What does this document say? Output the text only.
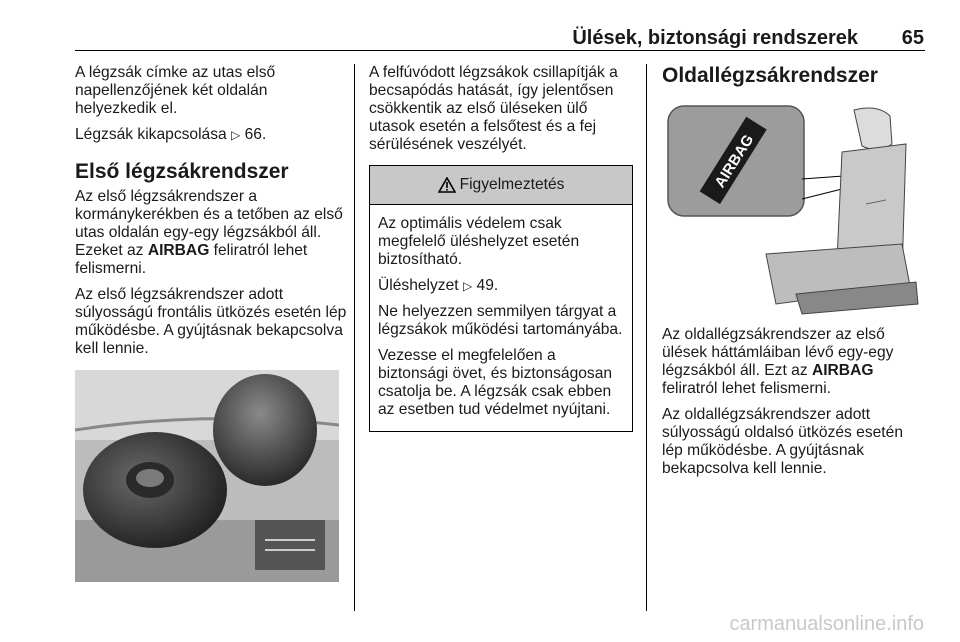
Ülések, biztonsági rendszerek 65

A légzsák címke az utas első napellenzőjének két oldalán helyezkedik el.

Légzsák kikapcsolása ▷ 66.

Első légzsákrendszer

Az első légzsákrendszer a kormánykerékben és a tetőben az első utas oldalán egy-egy légzsákból áll. Ezeket az AIRBAG feliratról lehet felismerni.

Az első légzsákrendszer adott súlyosságú frontális ütközés esetén lép működésbe. A gyújtásnak bekapcsolva kell lennie.

A felfúvódott légzsákok csillapítják a becsapódás hatását, így jelentősen csökkentik az első üléseken ülő utasok esetén a felsőtest és a fej sérülésének veszélyét.

Figyelmeztetés

Az optimális védelem csak megfelelő üléshelyzet esetén biztosítható.

Üléshelyzet ▷ 49.

Ne helyezzen semmilyen tárgyat a légzsákok működési tartományába.

Vezesse el megfelelően a biztonsági övet, és biztonságosan csatolja be. A légzsák csak ebben az esetben tud védelmet nyújtani.

Oldallégzsákrendszer
AIRBAG

Az oldallégzsákrendszer az első ülések háttámláiban lévő egy-egy légzsákból áll. Ezt az AIRBAG feliratról lehet felismerni.

Az oldallégzsákrendszer adott súlyosságú oldalsó ütközés esetén lép működésbe. A gyújtásnak bekapcsolva kell lennie.

carmanualsonline.info
